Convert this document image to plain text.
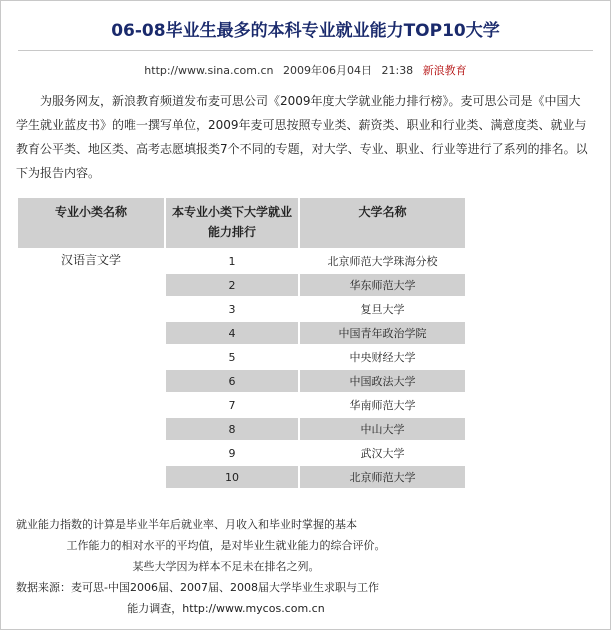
06-08毕业生最多的本科专业就业能力TOP10大学
http://www.sina.com.cn 2009年06月04日 21:38 新浪教育
为服务网友，新浪教育频道发布麦可思公司《2009年度大学就业能力排行榜》。麦可思公司是《中国大学生就业蓝皮书》的唯一撰写单位，2009年麦可思按照专业类、薪资类、职业和行业类、满意度类、就业与教育公平类、地区类、高考志愿填报类7个不同的专题，对大学、专业、职业、行业等进行了系列的排名。以下为报告内容。
专业小类名称	本专业小类下大学就业能力排行	大学名称
汉语言文学	1	北京师范大学珠海分校
	2	华东师范大学
	3	复旦大学
	4	中国青年政治学院
	5	中央财经大学
	6	中国政法大学
	7	华南师范大学
	8	中山大学
	9	武汉大学
	10	北京师范大学

就业能力指数的计算是毕业半年后就业率、月收入和毕业时掌握的基本

工作能力的相对水平的平均值，是对毕业生就业能力的综合评价。

某些大学因为样本不足未在排名之列。

数据来源：麦可思-中国2006届、2007届、2008届大学毕业生求职与工作

能力调查，http://www.mycos.com.cn
